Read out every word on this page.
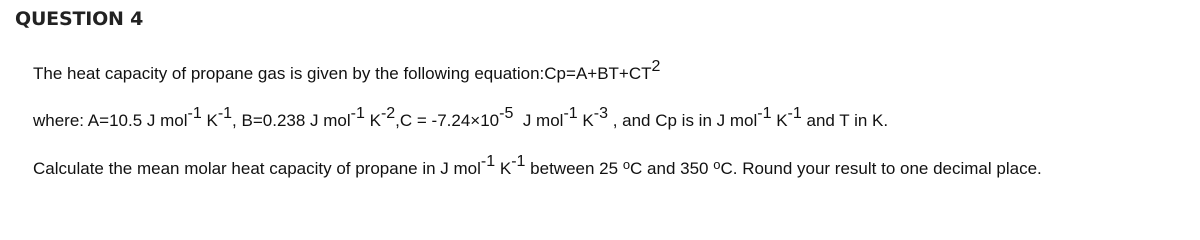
QUESTION 4
The heat capacity of propane gas is given by the following $equation:Cp=A+BT+CT^2$
where: A=10.5 J mol$^{-1}$ $K^{-1}$, B=0.238 J mol$^{-1}$ $K^{-2},C = -7.24\times 10^{-5}$  J mol$^{-1}$ $K^{-3}$ , and Cp is in J mol$^{-1}$ $K^{-1}$ and T in K.
Calculate the mean molar heat capacity of propane in J mol$^{-1}$ $K^{-1}$ between 25 $^o$C and 350 $^o$C. Round your result to one decimal place.
